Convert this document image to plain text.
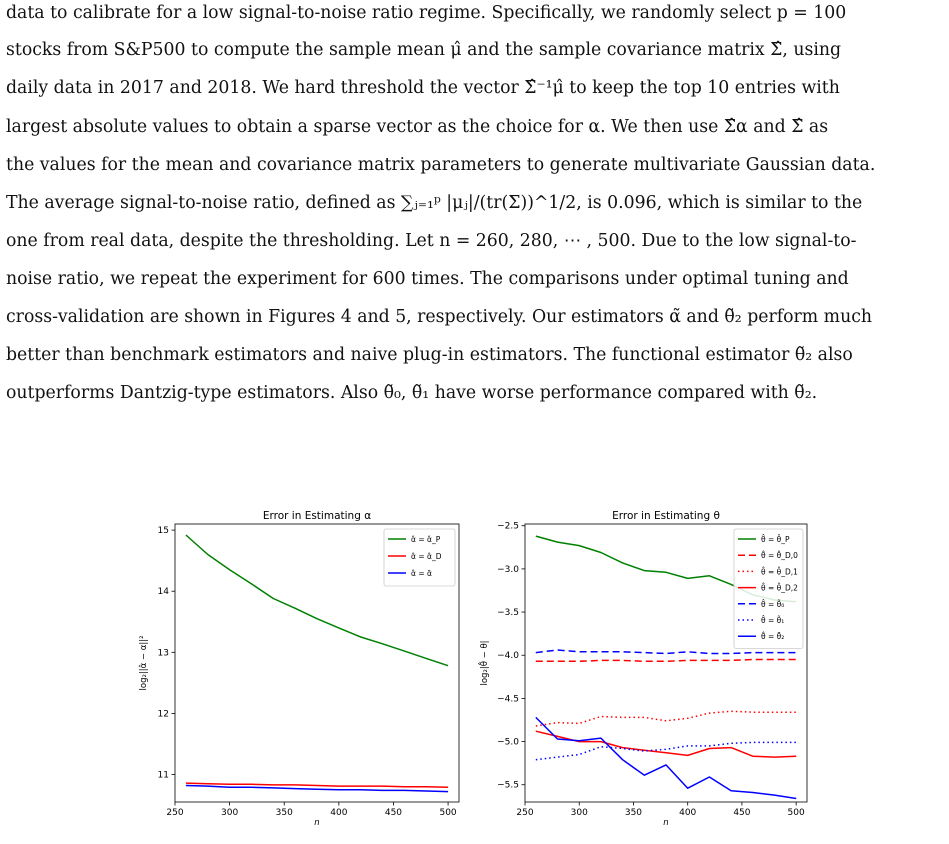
data to calibrate for a low signal-to-noise ratio regime. Specifically, we randomly select p = 100
stocks from S&P500 to compute the sample mean μ̂ and the sample covariance matrix Σ̂, using
daily data in 2017 and 2018. We hard threshold the vector Σ̂⁻¹μ̂ to keep the top 10 entries with
largest absolute values to obtain a sparse vector as the choice for α. We then use Σ̂α and Σ̂ as
the values for the mean and covariance matrix parameters to generate multivariate Gaussian data.
The average signal-to-noise ratio, defined as ∑ⱼ₌₁ᵖ |μⱼ|/(tr(Σ))^1/2, is 0.096, which is similar to the
one from real data, despite the thresholding. Let n = 260, 280, ⋯ , 500. Due to the low signal-to-
noise ratio, we repeat the experiment for 600 times. The comparisons under optimal tuning and
cross-validation are shown in Figures 4 and 5, respectively. Our estimators α̃ and θ̃₂ perform much
better than benchmark estimators and naive plug-in estimators. The functional estimator θ̃₂ also
outperforms Dantzig-type estimators. Also θ̃₀, θ̃₁ have worse performance compared with θ̃₂.
Error in Estimating α
250	300	350	400	450	500
11
12
13
14
15
n
log₂||α̂ − α||²
α̂ = α̂_P
α̂ = α̂_D
α̂ = α̃
Error in Estimating θ
250	300	350	400	450	500
−2.5
−3.0
−3.5
−4.0
−4.5
−5.0
−5.5
n
log₂|θ̂ − θ|
θ̂ = θ̂_P
θ̂ = θ̂_D,0
θ̂ = θ̂_D,1
θ̂ = θ̂_D,2
θ̂ = θ̃₀
θ̂ = θ̃₁
θ̂ = θ̃₂
